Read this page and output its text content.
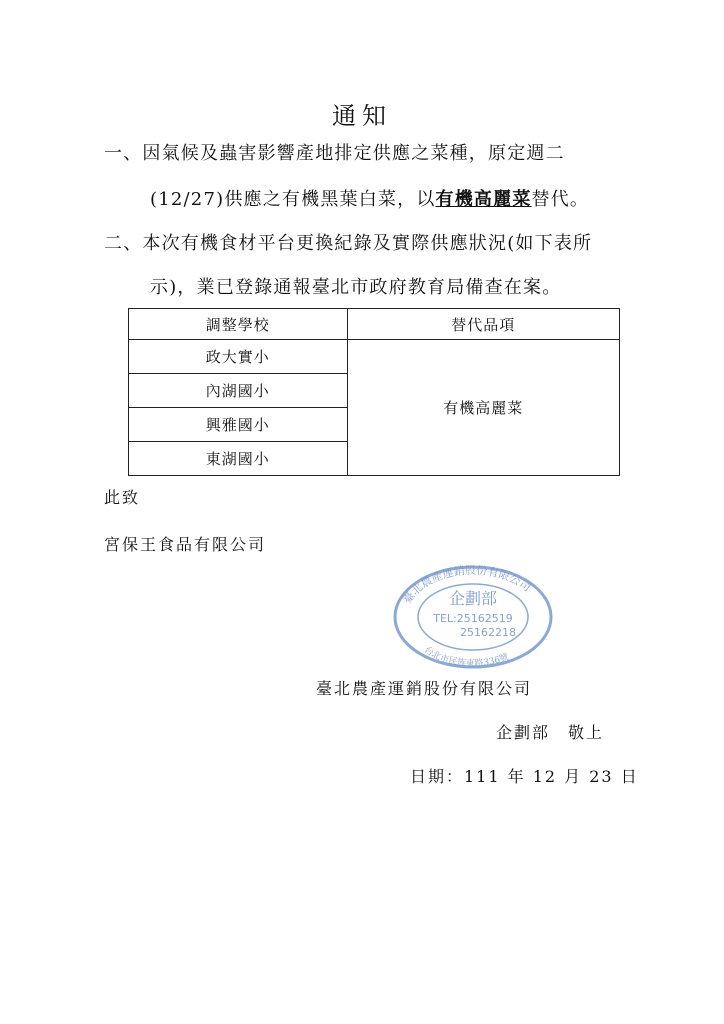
通知
一、因氣候及蟲害影響產地排定供應之菜種，原定週二
(12/27)供應之有機黑葉白菜，以有機高麗菜替代。
二、本次有機食材平台更換紀錄及實際供應狀況(如下表所
示)，業已登錄通報臺北市政府教育局備查在案。
調整學校	替代品項
政大實小	有機高麗菜
內湖國小	
興雅國小	
東湖國小	
此致
宮保王食品有限公司
臺北農產運銷股份有限公司
台北市民族東路336號
企劃部
TEL:25162519
25162218
臺北農產運銷股份有限公司
企劃部　敬上
日期：111 年 12 月 23 日
